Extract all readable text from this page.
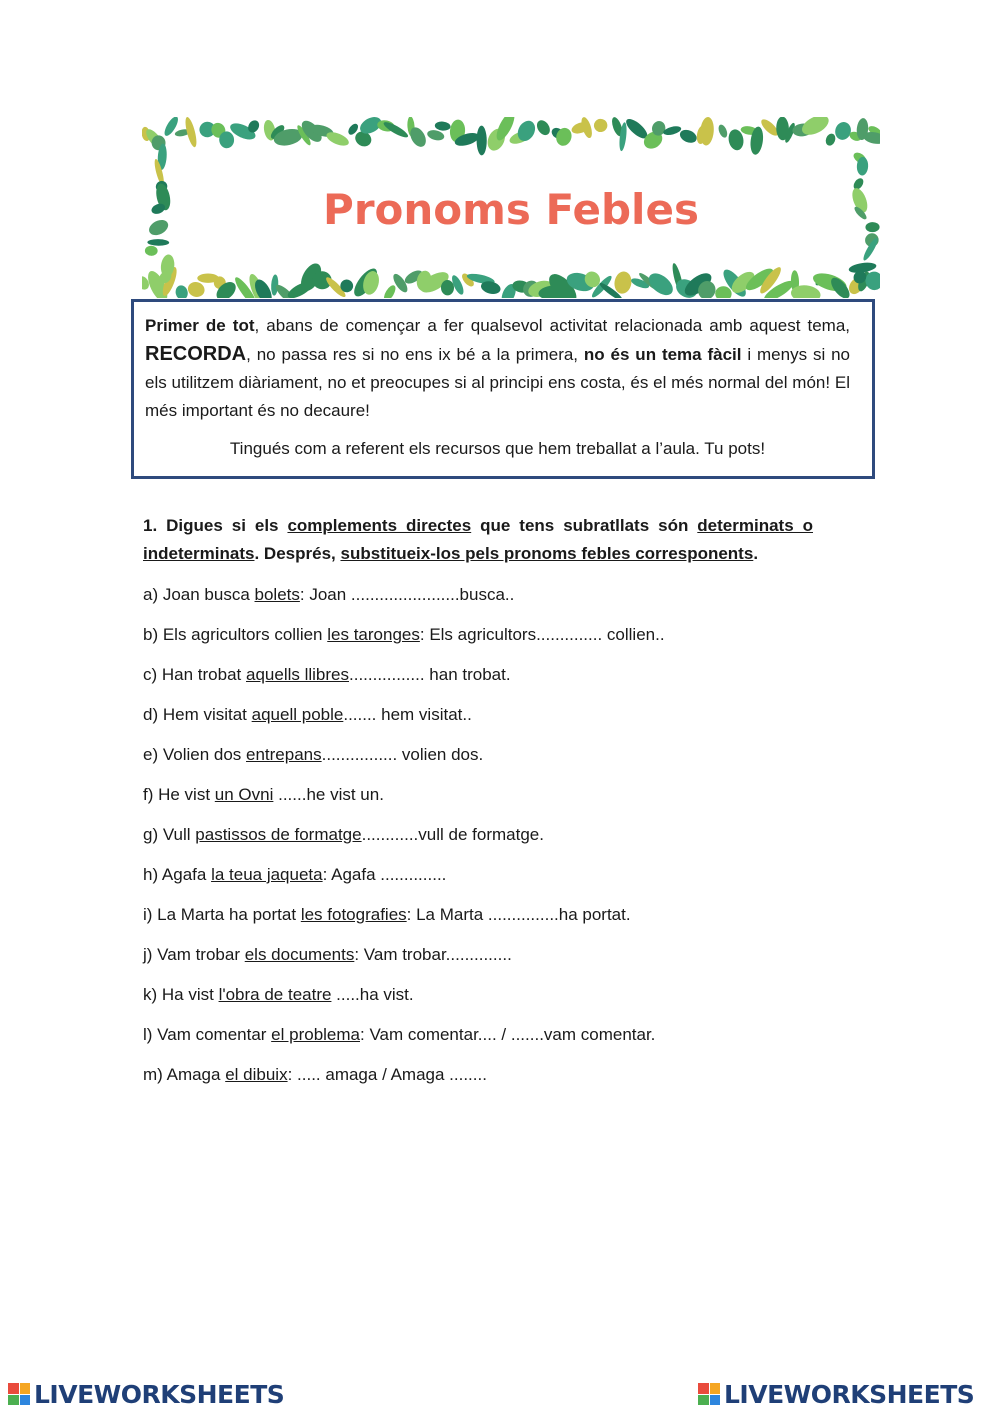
Pronoms Febles

Primer de tot, abans de començar a fer qualsevol activitat relacionada amb aquest tema, RECORDA, no passa res si no ens ix bé a la primera, no és un tema fàcil i menys si no els utilitzem diàriament, no et preocupes si al principi ens costa, és el més normal del món! El més important és no decaure!

Tingués com a referent els recursos que hem treballat a l’aula. Tu pots!

1. Digues si els complements directes que tens subratllats són determinats o indeterminats. Després, substitueix-los pels pronoms febles corresponents.

a) Joan busca bolets: Joan .......................busca..

b) Els agricultors collien les taronges: Els agricultors.............. collien..

c) Han trobat aquells llibres................ han trobat.

d) Hem visitat aquell poble....... hem visitat..

e) Volien dos entrepans................ volien dos.

f) He vist un Ovni ......he vist un.

g) Vull pastissos de formatge............vull de formatge.

h) Agafa la teua jaqueta: Agafa ..............

i) La Marta ha portat les fotografies: La Marta ...............ha portat.

j) Vam trobar els documents: Vam trobar..............

k) Ha vist l'obra de teatre .....ha vist.

l) Vam comentar el problema: Vam comentar.... / .......vam comentar.

m) Amaga el dibuix: ..... amaga / Amaga ........

LIVEWORKSHEETS	LIVEWORKSHEETS
